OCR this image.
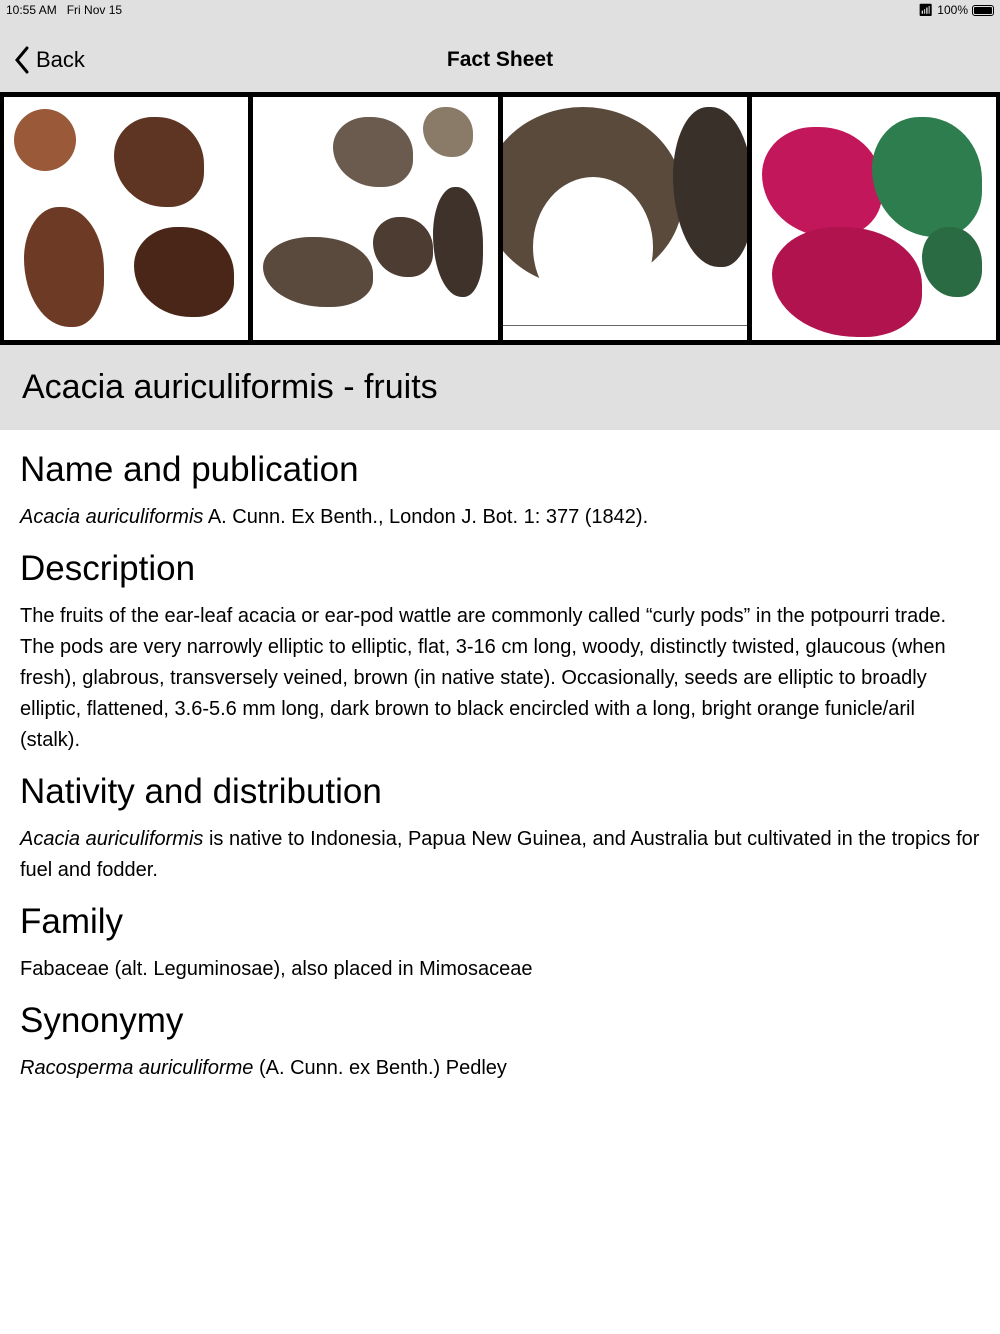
10:55 AM Fri Nov 15	📶︎ 100%
Back	Fact Sheet
Acacia auriculiformis - fruits
Name and publication

Acacia auriculiformis A. Cunn. Ex Benth., London J. Bot. 1: 377 (1842).

Description

The fruits of the ear-leaf acacia or ear-pod wattle are commonly called “curly pods” in the potpourri trade. The pods are very narrowly elliptic to elliptic, flat, 3-16 cm long, woody, distinctly twisted, glaucous (when fresh), glabrous, transversely veined, brown (in native state). Occasionally, seeds are elliptic to broadly elliptic, flattened, 3.6-5.6 mm long, dark brown to black encircled with a long, bright orange funicle/aril (stalk).

Nativity and distribution

Acacia auriculiformis is native to Indonesia, Papua New Guinea, and Australia but cultivated in the tropics for fuel and fodder.

Family

Fabaceae (alt. Leguminosae), also placed in Mimosaceae

Synonymy

Racosperma auriculiforme (A. Cunn. ex Benth.) Pedley
